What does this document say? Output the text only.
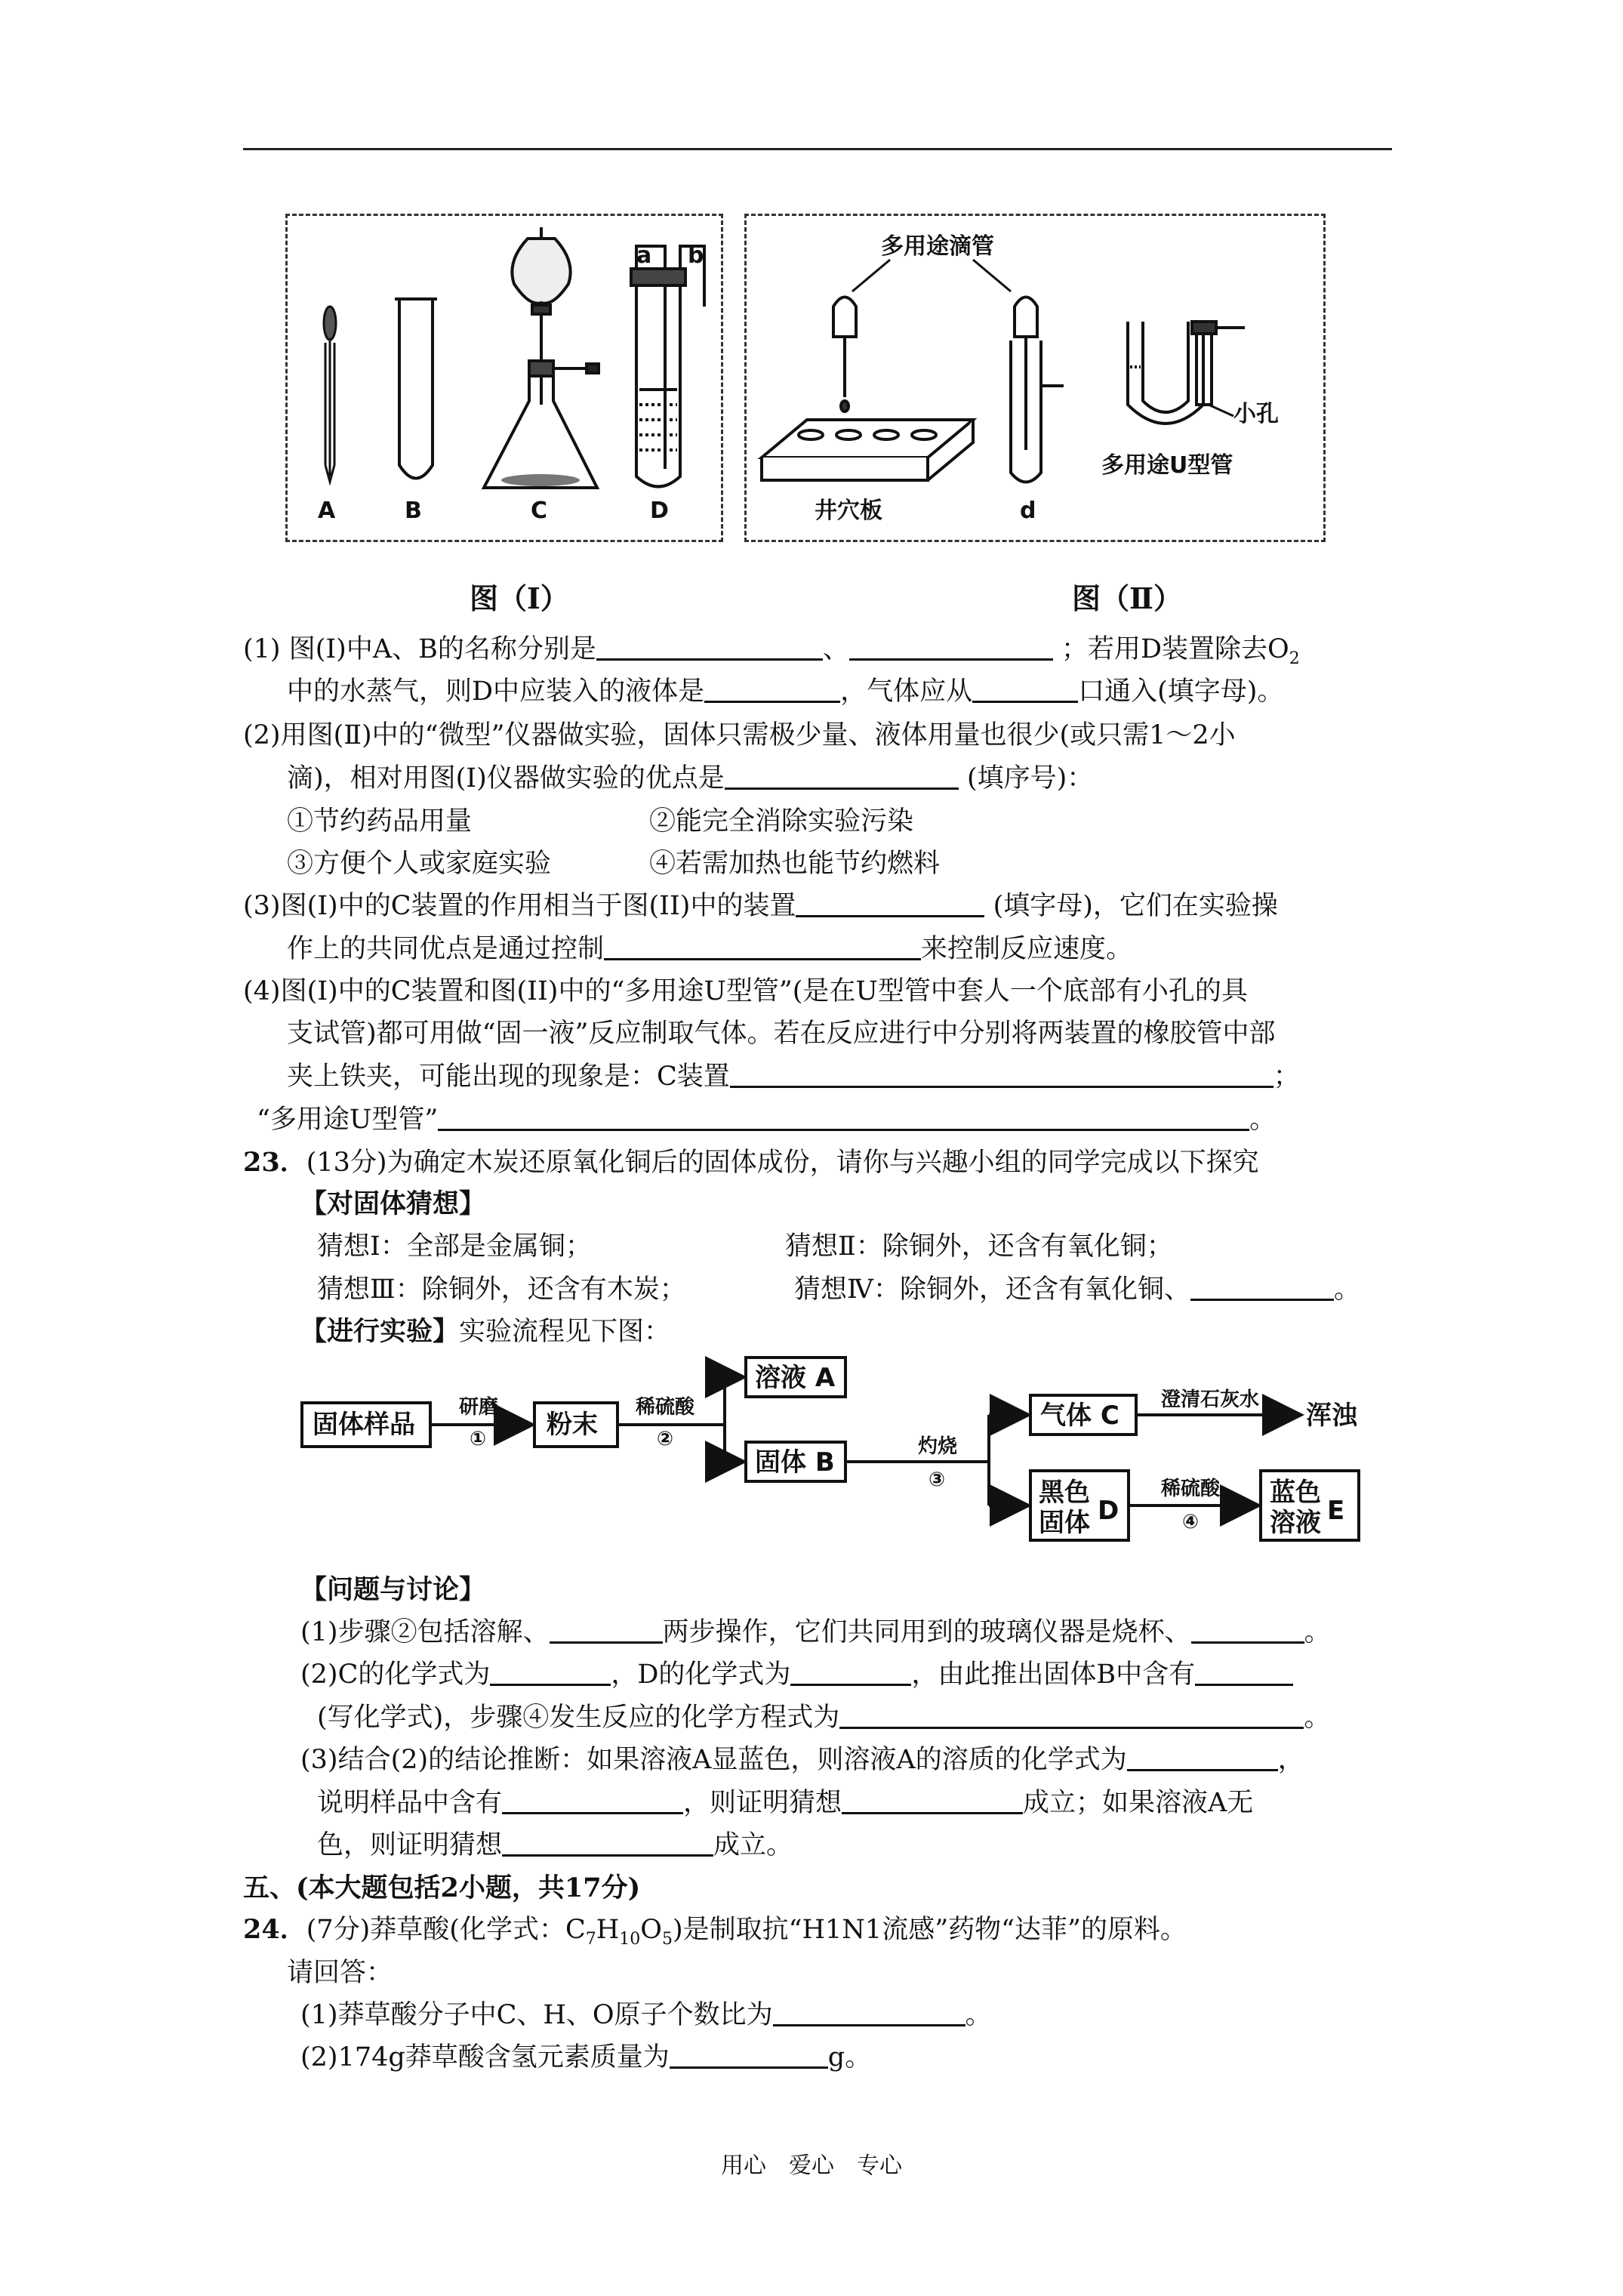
a b
A	B	C	D
图（Ⅰ）
多用途滴管
井穴板	d
小孔
多用途U型管
图（Ⅱ）
(1) 图(Ⅰ)中A、B的名称分别是	、	；若用D装置除去$O_2$
中的水蒸气，则D中应装入的液体是	，气体应从	口通入(填字母)。
(2)用图(Ⅱ)中的“微型”仪器做实验，固体只需极少量、液体用量也很少(或只需1～2小
滴)，相对用图(I)仪器做实验的优点是	(填序号)：
①节约药品用量	②能完全消除实验污染
③方便个人或家庭实验	④若需加热也能节约燃料
(3)图(Ⅰ)中的C装置的作用相当于图(II)中的装置	(填字母)，它们在实验操
作上的共同优点是通过控制	来控制反应速度。
(4)图(Ⅰ)中的C装置和图(II)中的“多用途U型管”(是在U型管中套人一个底部有小孔的具
支试管)都可用做“固一液”反应制取气体。若在反应进行中分别将两装置的橡胶管中部
夹上铁夹，可能出现的现象是：C装置	；
“多用途U型管”	。
23．(13分)为确定木炭还原氧化铜后的固体成份，请你与兴趣小组的同学完成以下探究
【对固体猜想】
猜想Ⅰ：全部是金属铜；	猜想Ⅱ：除铜外，还含有氧化铜；
猜想Ⅲ：除铜外，还含有木炭；	猜想Ⅳ：除铜外，还含有氧化铜、	。
【进行实验】实验流程见下图：
固体样品
研磨
① 粉末
稀硫酸
②
溶液 A
固体 B
灼烧
③
气体 C
澄清石灰水
浑浊
黑色
固体 D
稀硫酸
④
蓝色
溶液 E
【问题与讨论】
(1)步骤②包括溶解、	两步操作，它们共同用到的玻璃仪器是烧杯、	。
(2)C的化学式为	，D的化学式为	，由此推出固体B中含有
(写化学式)，步骤④发生反应的化学方程式为	。
(3)结合(2)的结论推断：如果溶液A显蓝色，则溶液A的溶质的化学式为	，
说明样品中含有	，则证明猜想	成立；如果溶液A无
色，则证明猜想	成立。
五、(本大题包括2小题，共17分)
24．(7分)莽草酸(化学式：$C_7H_{10}O_5$)是制取抗“H1N1流感”药物“达菲”的原料。
请回答：
(1)莽草酸分子中C、H、O原子个数比为	。
(2)174g莽草酸含氢元素质量为	g。
用心　爱心　专心
